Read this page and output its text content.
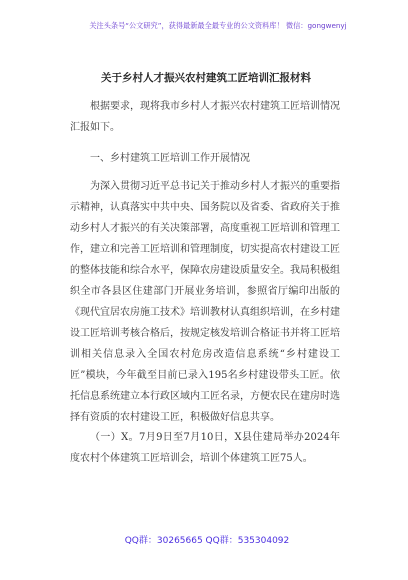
关注头条号“公文研究”，获得最新最全最专业的公文资料库！ 微信：gongwenyj
关于乡村人才振兴农村建筑工匠培训汇报材料
根据要求，现将我市乡村人才振兴农村建筑工匠培训情况汇报如下。
一、乡村建筑工匠培训工作开展情况
为深入贯彻习近平总书记关于推动乡村人才振兴的重要指示精神，认真落实中共中央、国务院以及省委、省政府关于推动乡村人才振兴的有关决策部署，高度重视工匠培训和管理工作，建立和完善工匠培训和管理制度，切实提高农村建设工匠的整体技能和综合水平，保障农房建设质量安全。我局积极组织全市各县区住建部门开展业务培训，参照省厅编印出版的《现代宜居农房施工技术》培训教材认真组织培训，在乡村建设工匠培训考核合格后，按规定核发培训合格证书并将工匠培训相关信息录入全国农村危房改造信息系统“乡村建设工匠”模块，今年截至目前已录入195名乡村建设带头工匠。依托信息系统建立本行政区域内工匠名录，方便农民在建房时选择有资质的农村建设工匠，积极做好信息共享。
（一）X。7月9日至7月10日，X县住建局举办2024年度农村个体建筑工匠培训会，培训个体建筑工匠75人。
QQ群：30265665 QQ群：535304092
